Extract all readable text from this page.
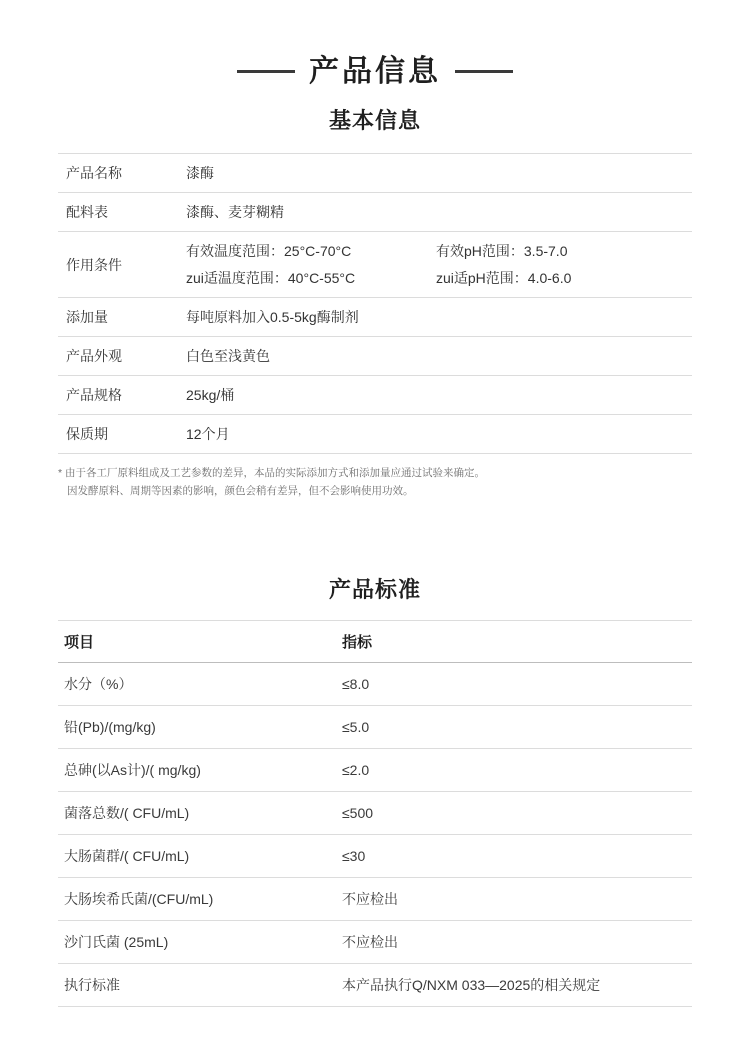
产品信息
基本信息
产品名称	漆酶
配料表	漆酶、麦芽糊精
作用条件	有效温度范围：25°C-70°C 有效pH范围：3.5-7.0
zui适温度范围：40°C-55°C zui适pH范围：4.0-6.0

添加量	每吨原料加入0.5-5kg酶制剂
产品外观	白色至浅黄色
产品规格	25kg/桶
保质期	12个月
* 由于各工厂原料组成及工艺参数的差异，本品的实际添加方式和添加量应通过试验来确定。
因发酵原料、周期等因素的影响，颜色会稍有差异，但不会影响使用功效。
产品标准
项目	指标
水分（%）	≤8.0
铅(Pb)/(mg/kg)	≤5.0
总砷(以As计)/( mg/kg)	≤2.0
菌落总数/( CFU/mL)	≤500
大肠菌群/( CFU/mL)	≤30
大肠埃希氏菌/(CFU/mL)	不应检出
沙门氏菌 (25mL)	不应检出
执行标准	本产品执行Q/NXM 033—2025的相关规定
